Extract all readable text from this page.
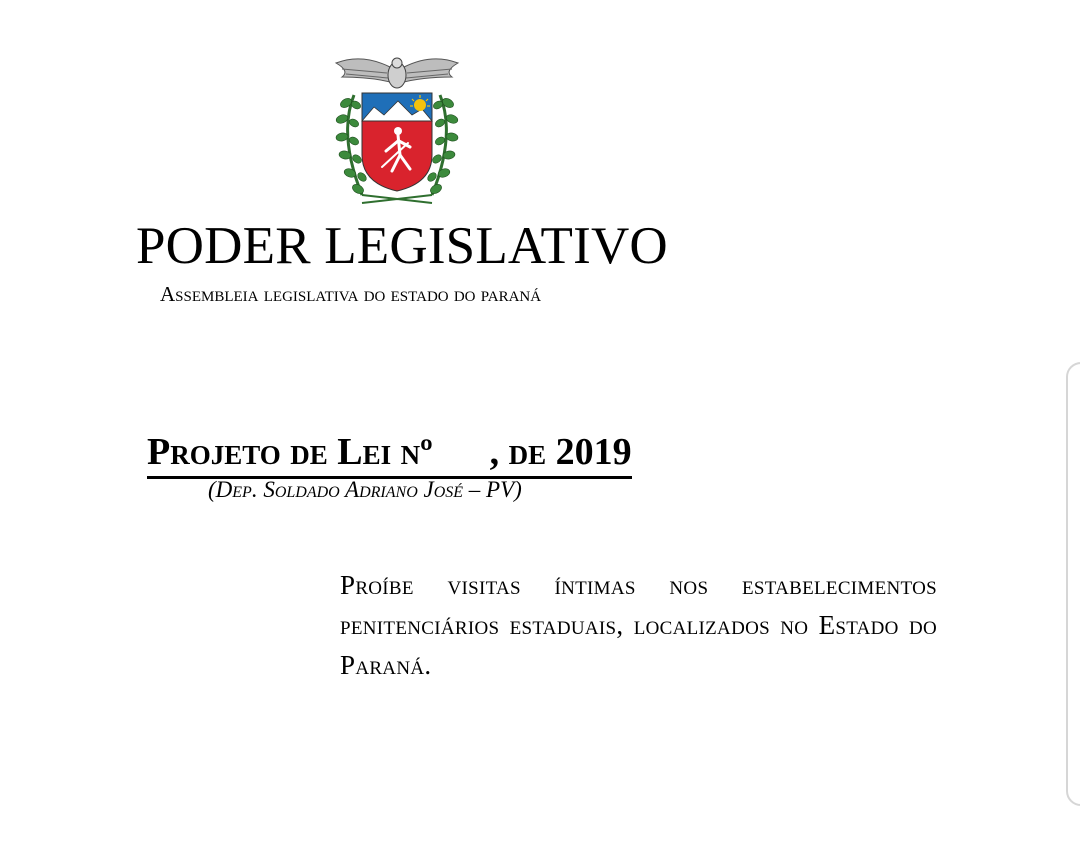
PODER LEGISLATIVO
Assembleia legislativa do estado do paraná
Projeto de Lei nº      , de 2019
(Dep. Soldado Adriano José – PV)
Proíbe visitas íntimas nos estabelecimentos penitenciários estaduais, localizados no Estado do Paraná.
